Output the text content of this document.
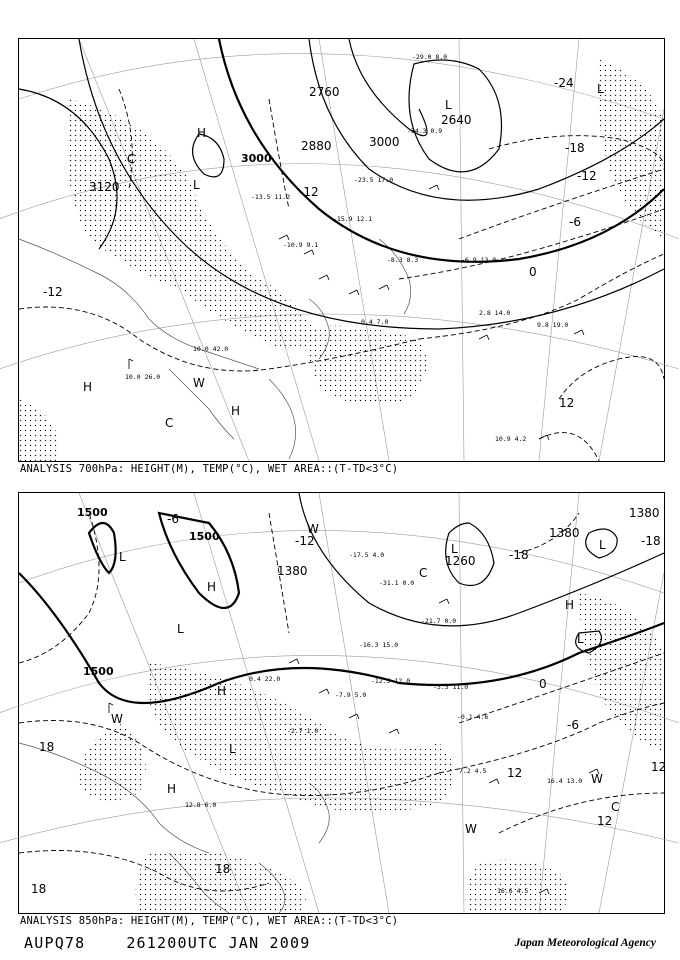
3120
3000
2880
2760
2640
3000
-12
-24
-18
-12
-6
0
12
-12
H
L
L
L
H
H
W
C
C
-29.0 8.0
-34.3 0.9
-23.5 17.0
-15.9 12.1
-8.3 8.3	-6.9 13.0
2.8 14.0
9.8 19.0
0.4 7.0
10.0 42.0
10.0 26.0
10.9 4.2
-13.5 11.2
-10.9 9.1
ANALYSIS 700hPa: HEIGHT(M), TEMP(°C), WET AREA::(T-TD<3°C)
1500
1500
1500
1380
1260
1380
1380
-6
-12
-18
-18
-6
0
12	12
18
18
18
12
L
H
L
W
L
C
L
H
L
H
H
W
W
C
W
L
-17.5 4.0
-31.1 0.0
-21.7 0.0
-16.3 15.0
-12.3 12.0
-7.9 5.0
-3.3 11.0
-0.1 4.6
7.2 4.5
16.4 13.0
16.6 4.5
12.8 6.0
0.4 22.0
-2.7 1.0
ANALYSIS 850hPa: HEIGHT(M), TEMP(°C), WET AREA::(T-TD<3°C)
AUPQ78	261200UTC JAN 2009	Japan Meteorological Agency
